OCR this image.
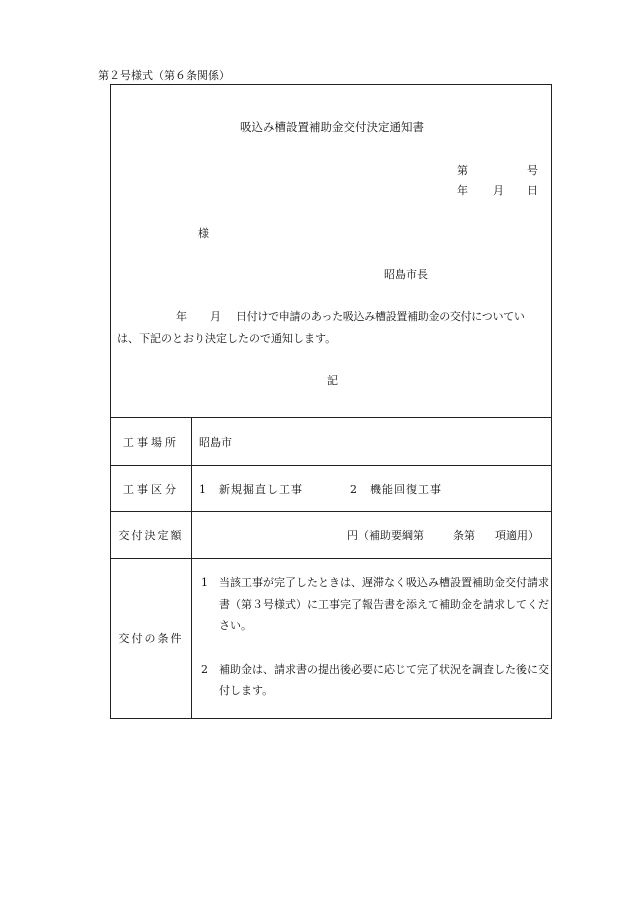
第２号様式（第６条関係）
吸込み槽設置補助金交付決定通知書
第	号
年 月 日
様
昭島市長
年 月 日付けで申請のあった吸込み槽設置補助金の交付についてい
は、下記のとおり決定したので通知します。
記
工事場所	昭島市
工事区分	1　新規掘直し工事	2　機能回復工事
交付決定額	円（補助要綱第	条第 項適用）
交付の条件
1 当該工事が完了したときは、遅滞なく吸込み槽設置補助金交付請求書（第３号様式）に工事完了報告書を添えて補助金を請求してください。
2 補助金は、請求書の提出後必要に応じて完了状況を調査した後に交付します。
